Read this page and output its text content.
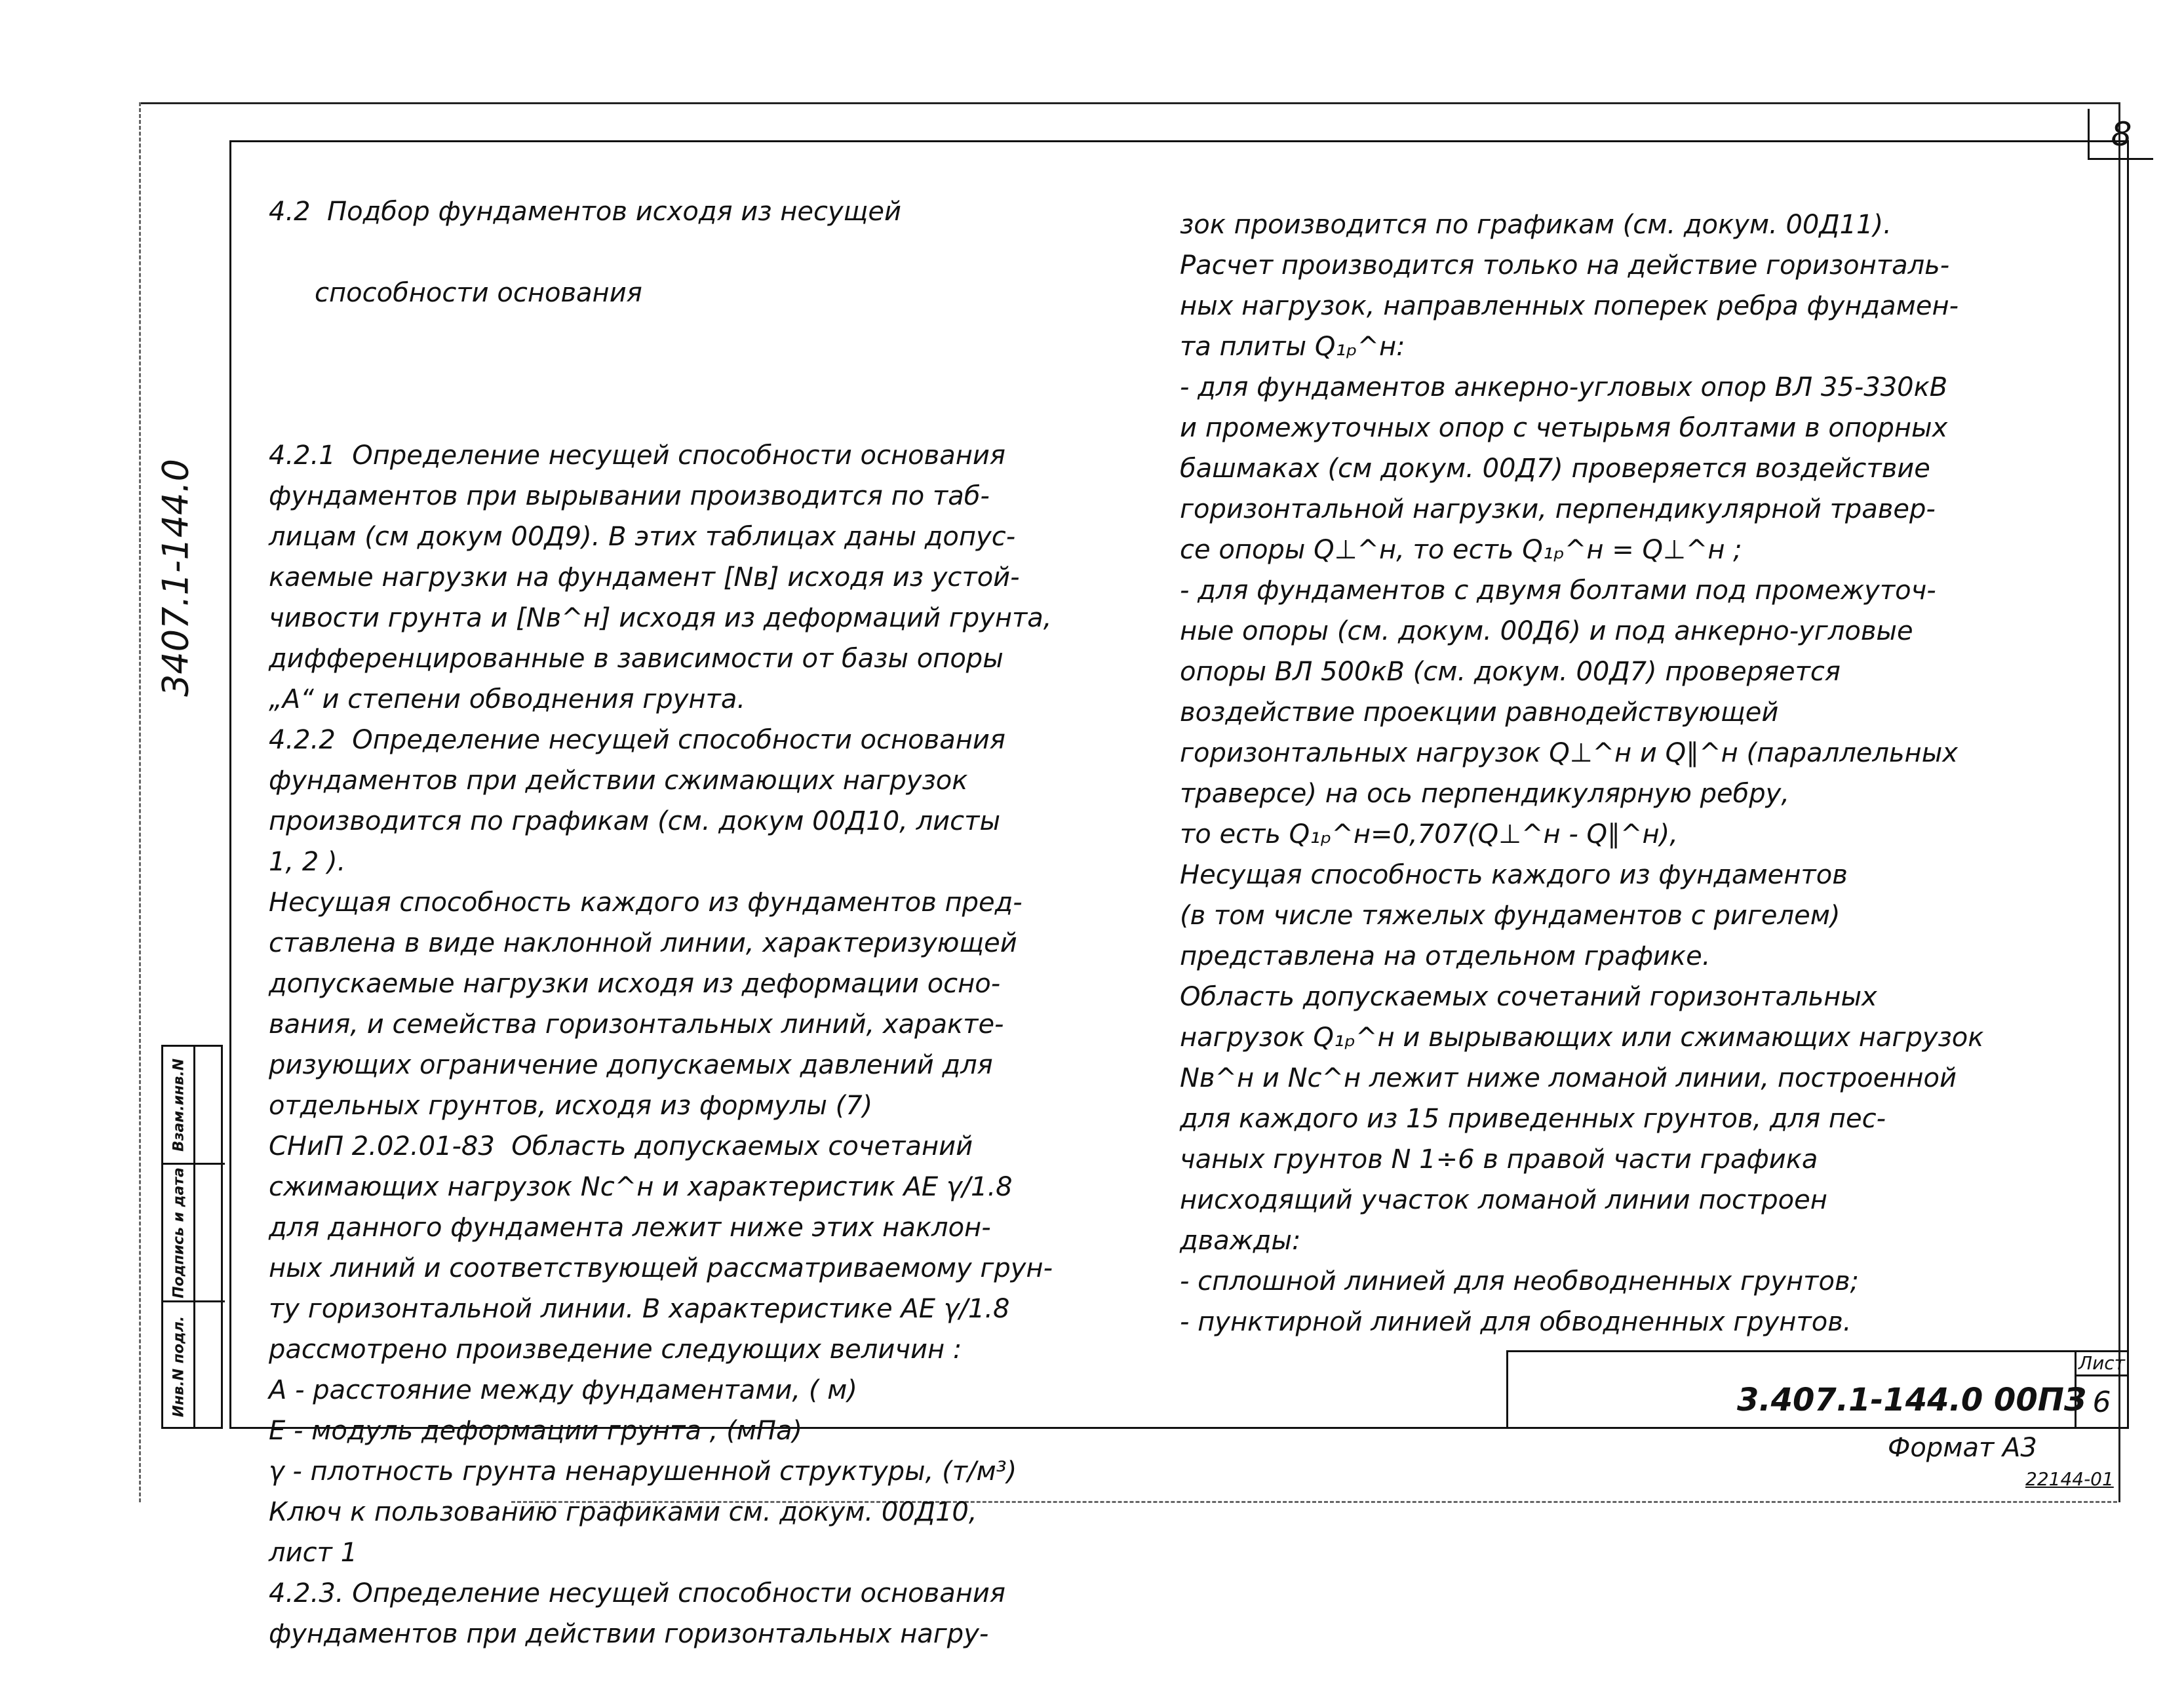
8
3407.1-144.0

4.2  Подбор фундаментов исходя из несущей

способности основания

4.2.1  Определение несущей способности основания
фундаментов при вырывании производится по таб-
лицам (см докум 00Д9). В этих таблицах даны допус-
каемые нагрузки на фундамент [Nв] исходя из устой-
чивости грунта и [Nв^н] исходя из деформаций грунта,
дифференцированные в зависимости от базы опоры
„А“ и степени обводнения грунта.
4.2.2  Определение несущей способности основания
фундаментов при действии сжимающих нагрузок
производится по графикам (см. докум 00Д10, листы
1, 2 ).
Несущая способность каждого из фундаментов пред-
ставлена в виде наклонной линии, характеризующей
допускаемые нагрузки исходя из деформации осно-
вания, и семейства горизонтальных линий, характе-
ризующих ограничение допускаемых давлений для
отдельных грунтов, исходя из формулы (7)
СНиП 2.02.01-83  Область допускаемых сочетаний
сжимающих нагрузок Nс^н и характеристик AE γ/1.8
для данного фундамента лежит ниже этих наклон-
ных линий и соответствующей рассматриваемому грун-
ту горизонтальной линии. В характеристике AE γ/1.8
рассмотрено произведение следующих величин :
A - расстояние между фундаментами, ( м)
E - модуль деформации грунта , (мПа)
γ - плотность грунта ненарушенной структуры, (т/м³)
Ключ к пользованию графиками см. докум. 00Д10,
лист 1
4.2.3. Определение несущей способности основания
фундаментов при действии горизонтальных нагру-

зок производится по графикам (см. докум. 00Д11).
Расчет производится только на действие горизонталь-
ных нагрузок, направленных поперек ребра фундамен-
та плиты Q₁ₚ^н:
- для фундаментов анкерно-угловых опор ВЛ 35-330кВ
и промежуточных опор с четырьмя болтами в опорных
башмаках (см докум. 00Д7) проверяется воздействие
горизонтальной нагрузки, перпендикулярной травер-
се опоры Q⊥^н, то есть Q₁ₚ^н = Q⊥^н ;
- для фундаментов с двумя болтами под промежуточ-
ные опоры (см. докум. 00Д6) и под анкерно-угловые
опоры ВЛ 500кВ (см. докум. 00Д7) проверяется
воздействие проекции равнодействующей
горизонтальных нагрузок Q⊥^н и Q∥^н (параллельных
траверсе) на ось перпендикулярную ребру,
то есть Q₁ₚ^н=0,707(Q⊥^н - Q∥^н),
Несущая способность каждого из фундаментов
(в том числе тяжелых фундаментов с ригелем)
представлена на отдельном графике.
Область допускаемых сочетаний горизонтальных
нагрузок Q₁ₚ^н и вырывающих или сжимающих нагрузок
Nв^н и Nс^н лежит ниже ломаной линии, построенной
для каждого из 15 приведенных грунтов, для пес-
чаных грунтов N 1÷6 в правой части графика
нисходящий участок ломаной линии построен
дважды:
- сплошной линией для необводненных грунтов;
- пунктирной линией для обводненных грунтов.

3.407.1-144.0 00ПЗ
Лист
6
Формат А3
22144-01
Взам.инв.N
Подпись и дата
Инв.N подл.
